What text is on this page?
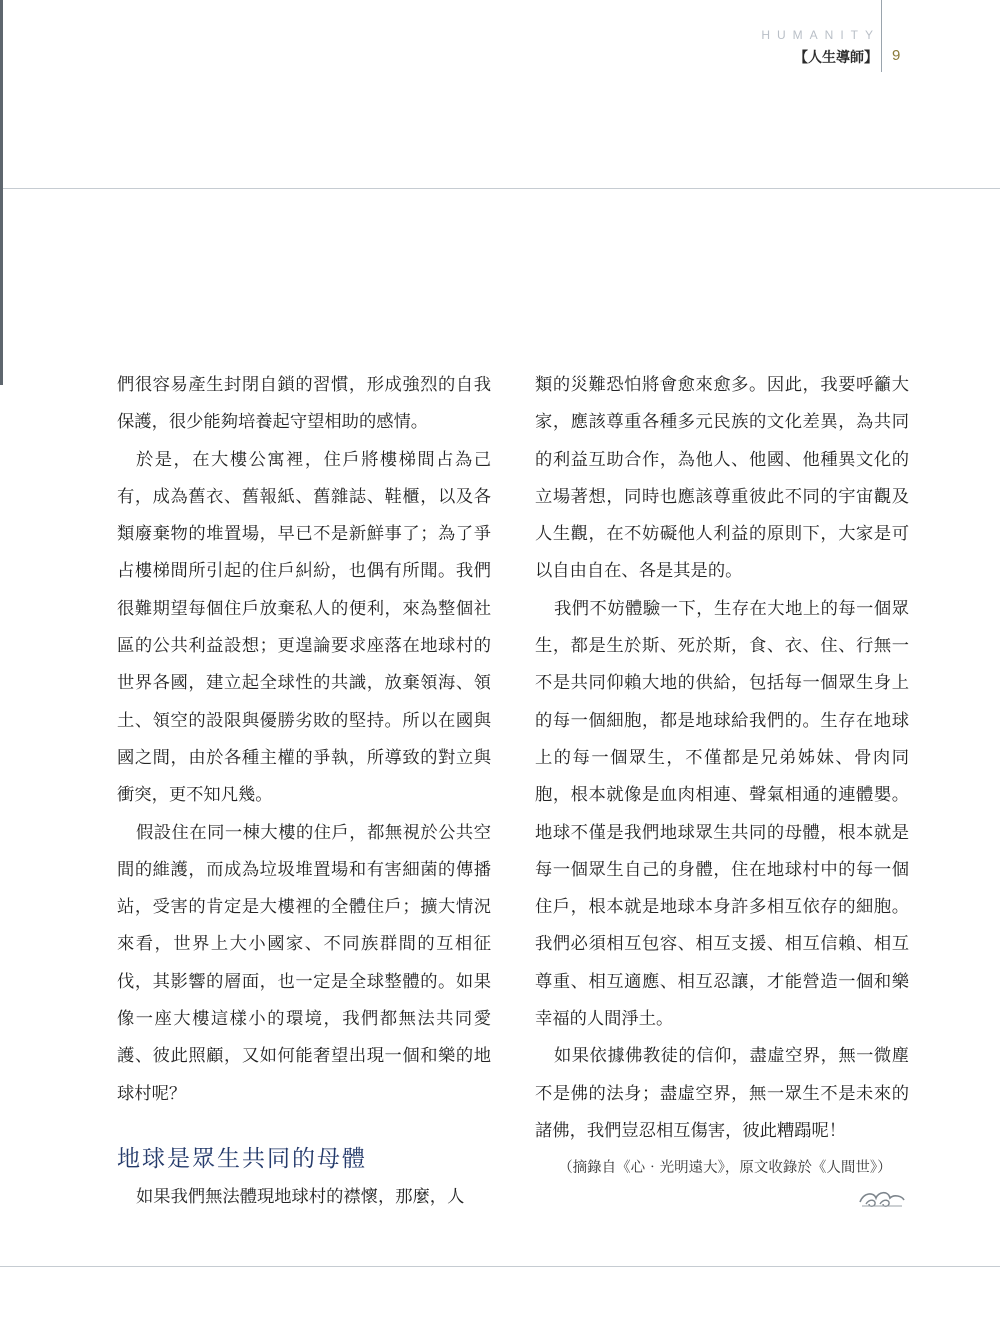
HUMANITY
【人生導師】 9

們很容易產生封閉自鎖的習慣，形成強烈的自我保護，很少能夠培養起守望相助的感情。

於是，在大樓公寓裡，住戶將樓梯間占為己有，成為舊衣、舊報紙、舊雜誌、鞋櫃，以及各類廢棄物的堆置場，早已不是新鮮事了；為了爭占樓梯間所引起的住戶糾紛，也偶有所聞。我們很難期望每個住戶放棄私人的便利，來為整個社區的公共利益設想；更遑論要求座落在地球村的世界各國，建立起全球性的共識，放棄領海、領土、領空的設限與優勝劣敗的堅持。所以在國與國之間，由於各種主權的爭執，所導致的對立與衝突，更不知凡幾。

假設住在同一棟大樓的住戶，都無視於公共空間的維護，而成為垃圾堆置場和有害細菌的傳播站，受害的肯定是大樓裡的全體住戶；擴大情況來看，世界上大小國家、不同族群間的互相征伐，其影響的層面，也一定是全球整體的。如果像一座大樓這樣小的環境，我們都無法共同愛護、彼此照顧，又如何能奢望出現一個和樂的地球村呢？

地球是眾生共同的母體

如果我們無法體現地球村的襟懷，那麼，人

類的災難恐怕將會愈來愈多。因此，我要呼籲大家，應該尊重各種多元民族的文化差異，為共同的利益互助合作，為他人、他國、他種異文化的立場著想，同時也應該尊重彼此不同的宇宙觀及人生觀，在不妨礙他人利益的原則下，大家是可以自由自在、各是其是的。

我們不妨體驗一下，生存在大地上的每一個眾生，都是生於斯、死於斯，食、衣、住、行無一不是共同仰賴大地的供給，包括每一個眾生身上的每一個細胞，都是地球給我們的。生存在地球上的每一個眾生，不僅都是兄弟姊妹、骨肉同胞，根本就像是血肉相連、聲氣相通的連體嬰。地球不僅是我們地球眾生共同的母體，根本就是每一個眾生自己的身體，住在地球村中的每一個住戶，根本就是地球本身許多相互依存的細胞。我們必須相互包容、相互支援、相互信賴、相互尊重、相互適應、相互忍讓，才能營造一個和樂幸福的人間淨土。

如果依據佛教徒的信仰，盡虛空界，無一微塵不是佛的法身；盡虛空界，無一眾生不是未來的諸佛，我們豈忍相互傷害，彼此糟蹋呢！

（摘錄自《心‧光明遠大》，原文收錄於《人間世》）
